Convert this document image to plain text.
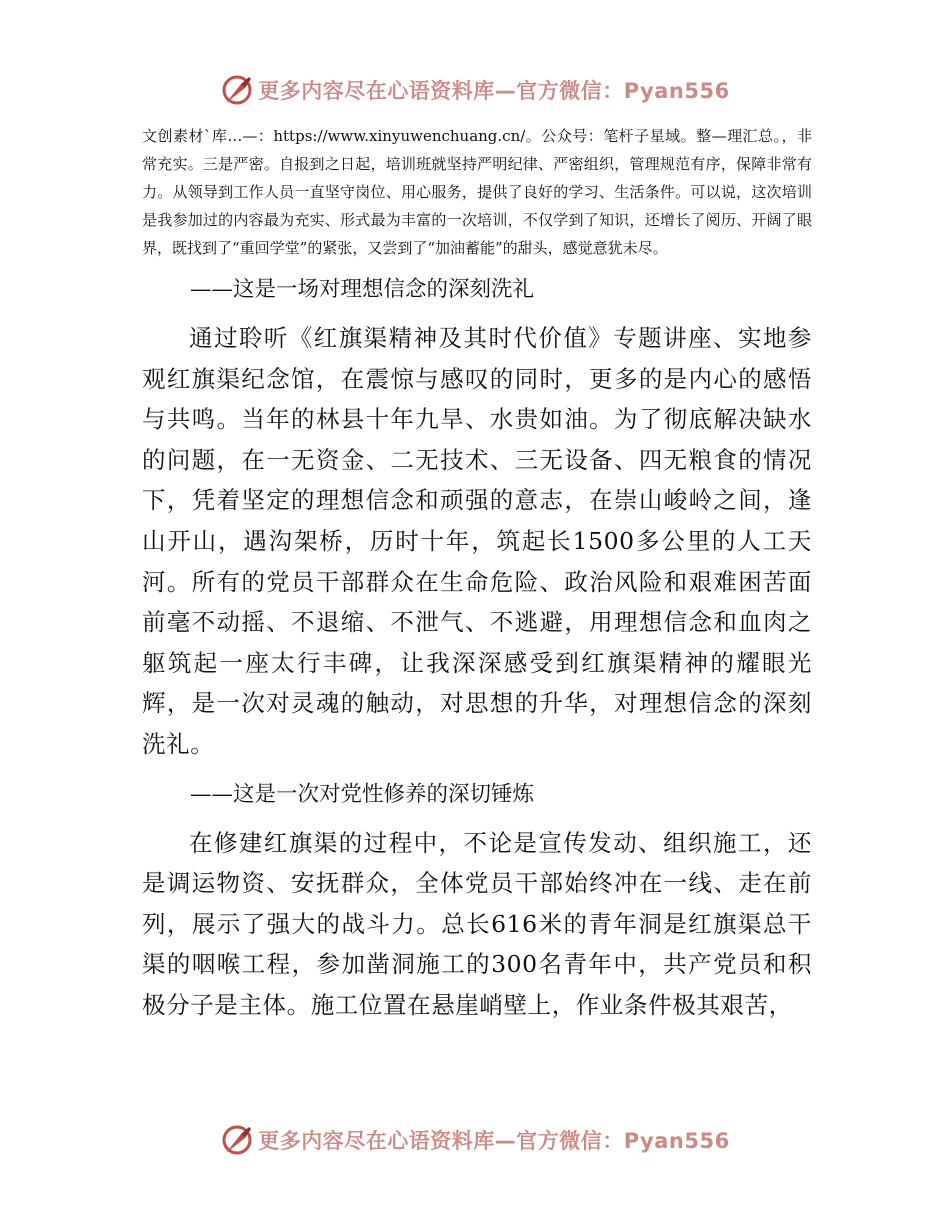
更多内容尽在心语资料库—官方微信：Pyan556

文创素材`库…—：https://www.xinyuwenchuang.cn/。公众号：笔杆子星域。整—理汇总。，非常充实。三是严密。自报到之日起，培训班就坚持严明纪律、严密组织，管理规范有序，保障非常有力。从领导到工作人员一直坚守岗位、用心服务，提供了良好的学习、生活条件。可以说，这次培训是我参加过的内容最为充实、形式最为丰富的一次培训，不仅学到了知识，还增长了阅历、开阔了眼界，既找到了“重回学堂”的紧张，又尝到了“加油蓄能”的甜头，感觉意犹未尽。

——这是一场对理想信念的深刻洗礼

通过聆听《红旗渠精神及其时代价值》专题讲座、实地参观红旗渠纪念馆，在震惊与感叹的同时，更多的是内心的感悟与共鸣。当年的林县十年九旱、水贵如油。为了彻底解决缺水的问题，在一无资金、二无技术、三无设备、四无粮食的情况下，凭着坚定的理想信念和顽强的意志，在崇山峻岭之间，逢山开山，遇沟架桥，历时十年，筑起长1500多公里的人工天河。所有的党员干部群众在生命危险、政治风险和艰难困苦面前毫不动摇、不退缩、不泄气、不逃避，用理想信念和血肉之躯筑起一座太行丰碑，让我深深感受到红旗渠精神的耀眼光辉，是一次对灵魂的触动，对思想的升华，对理想信念的深刻洗礼。

——这是一次对党性修养的深切锤炼

在修建红旗渠的过程中，不论是宣传发动、组织施工，还是调运物资、安抚群众，全体党员干部始终冲在一线、走在前列，展示了强大的战斗力。总长616米的青年洞是红旗渠总干渠的咽喉工程，参加凿洞施工的300名青年中，共产党员和积极分子是主体。施工位置在悬崖峭壁上，作业条件极其艰苦，

更多内容尽在心语资料库—官方微信：Pyan556
